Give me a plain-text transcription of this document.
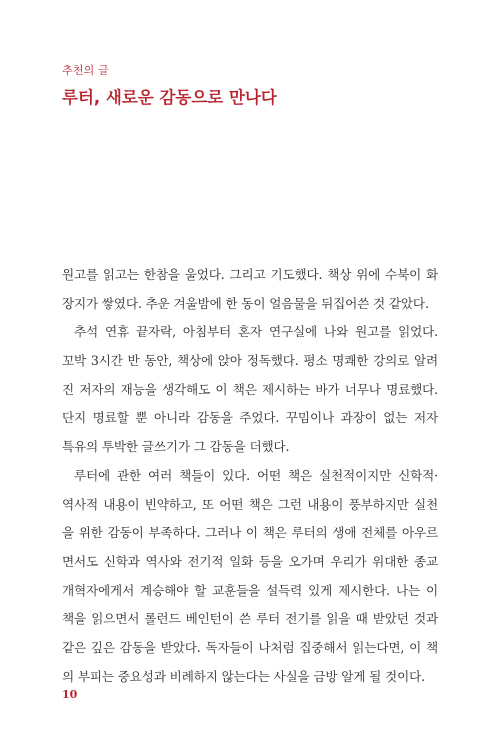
추천의 글
루터, 새로운 감동으로 만나다
원고를 읽고는 한참을 울었다. 그리고 기도했다. 책상 위에 수북이 화
장지가 쌓였다. 추운 겨울밤에 한 동이 얼음물을 뒤집어쓴 것 같았다.
추석 연휴 끝자락, 아침부터 혼자 연구실에 나와 원고를 읽었다.
꼬박 3시간 반 동안, 책상에 앉아 정독했다. 평소 명쾌한 강의로 알려
진 저자의 재능을 생각해도 이 책은 제시하는 바가 너무나 명료했다.
단지 명료할 뿐 아니라 감동을 주었다. 꾸밈이나 과장이 없는 저자
특유의 투박한 글쓰기가 그 감동을 더했다.
루터에 관한 여러 책들이 있다. 어떤 책은 실천적이지만 신학적·
역사적 내용이 빈약하고, 또 어떤 책은 그런 내용이 풍부하지만 실천
을 위한 감동이 부족하다. 그러나 이 책은 루터의 생애 전체를 아우르
면서도 신학과 역사와 전기적 일화 등을 오가며 우리가 위대한 종교
개혁자에게서 계승해야 할 교훈들을 설득력 있게 제시한다. 나는 이
책을 읽으면서 롤런드 베인턴이 쓴 루터 전기를 읽을 때 받았던 것과
같은 깊은 감동을 받았다. 독자들이 나처럼 집중해서 읽는다면, 이 책
의 부피는 중요성과 비례하지 않는다는 사실을 금방 알게 될 것이다.
10
